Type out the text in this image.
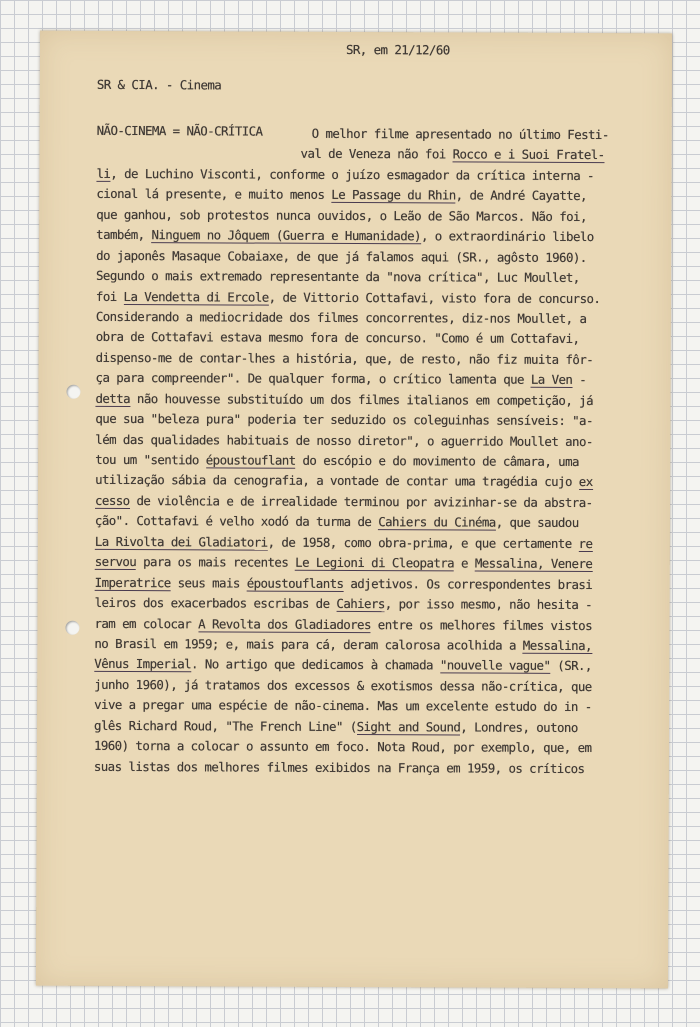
SR, em 21/12/60
SR & CIA. - Cinema
NÃO-CINEMA = NÃO-CRÍTICA	O melhor filme apresentado no último Festi-
val de Veneza não foi Rocco e i Suoi Fratel-
li, de Luchino Visconti, conforme o juízo esmagador da crítica interna -
cional lá presente, e muito menos Le Passage du Rhin, de André Cayatte,
que ganhou, sob protestos nunca ouvidos, o Leão de São Marcos. Não foi,
também, Ninguem no Jôquem (Guerra e Humanidade), o extraordinário libelo
do japonês Masaque Cobaiaxe, de que já falamos aqui (SR., agôsto 1960).
Segundo o mais extremado representante da "nova crítica", Luc Moullet,
foi La Vendetta di Ercole, de Vittorio Cottafavi, visto fora de concurso.
Considerando a mediocridade dos filmes concorrentes, diz-nos Moullet, a
obra de Cottafavi estava mesmo fora de concurso. "Como é um Cottafavi,
dispenso-me de contar-lhes a história, que, de resto, não fiz muita fôr-
ça para compreender". De qualquer forma, o crítico lamenta que La Ven -
detta não houvesse substituído um dos filmes italianos em competição, já
que sua "beleza pura" poderia ter seduzido os coleguinhas sensíveis: "a-
lém das qualidades habituais de nosso diretor", o aguerrido Moullet ano-
tou um "sentido époustouflant do escópio e do movimento de câmara, uma
utilização sábia da cenografia, a vontade de contar uma tragédia cujo ex
cesso de violência e de irrealidade terminou por avizinhar-se da abstra-
ção". Cottafavi é velho xodó da turma de Cahiers du Cinéma, que saudou
La Rivolta dei Gladiatori, de 1958, como obra-prima, e que certamente re
servou para os mais recentes Le Legioni di Cleopatra e Messalina, Venere
Imperatrice seus mais époustouflants adjetivos. Os correspondentes brasi
leiros dos exacerbados escribas de Cahiers, por isso mesmo, não hesita -
ram em colocar A Revolta dos Gladiadores entre os melhores filmes vistos
no Brasil em 1959; e, mais para cá, deram calorosa acolhida a Messalina,
Vênus Imperial. No artigo que dedicamos à chamada "nouvelle vague" (SR.,
junho 1960), já tratamos dos excessos & exotismos dessa não-crítica, que
vive a pregar uma espécie de não-cinema. Mas um excelente estudo do in -
glês Richard Roud, "The French Line" (Sight and Sound, Londres, outono
1960) torna a colocar o assunto em foco. Nota Roud, por exemplo, que, em
suas listas dos melhores filmes exibidos na França em 1959, os críticos
